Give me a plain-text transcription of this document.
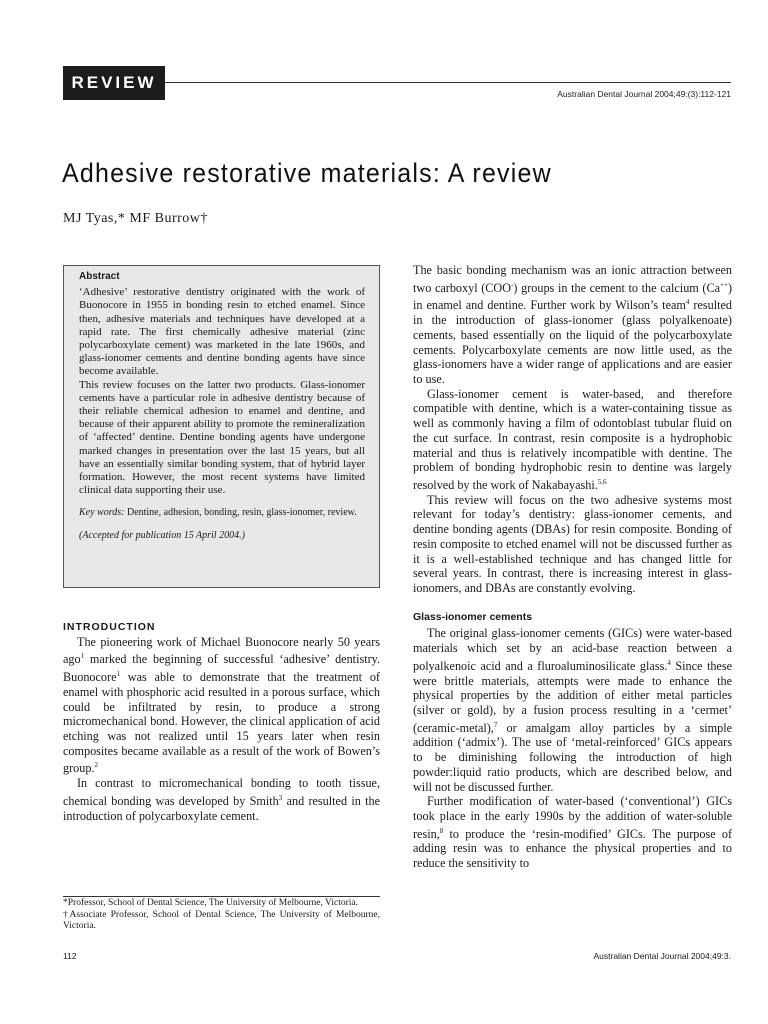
REVIEW
Australian Dental Journal 2004;49:(3):112-121
Adhesive restorative materials: A review
MJ Tyas,* MF Burrow†
Abstract

‘Adhesive’ restorative dentistry originated with the work of Buonocore in 1955 in bonding resin to etched enamel. Since then, adhesive materials and techniques have developed at a rapid rate. The first chemically adhesive material (zinc polycarboxylate cement) was marketed in the late 1960s, and glass-ionomer cements and dentine bonding agents have since become available.

This review focuses on the latter two products. Glass-ionomer cements have a particular role in adhesive dentistry because of their reliable chemical adhesion to enamel and dentine, and because of their apparent ability to promote the remineralization of ‘affected’ dentine. Dentine bonding agents have undergone marked changes in presentation over the last 15 years, but all have an essentially similar bonding system, that of hybrid layer formation. However, the most recent systems have limited clinical data supporting their use.

Key words: Dentine, adhesion, bonding, resin, glass-ionomer, review.

(Accepted for publication 15 April 2004.)

INTRODUCTION

The pioneering work of Michael Buonocore nearly 50 years ago$^1$ marked the beginning of successful ‘adhesive’ dentistry. Buonocore$^1$ was able to demonstrate that the treatment of enamel with phosphoric acid resulted in a porous surface, which could be infiltrated by resin, to produce a strong micromechanical bond. However, the clinical application of acid etching was not realized until 15 years later when resin composites became available as a result of the work of Bowen’s group.$^2$

In contrast to micromechanical bonding to tooth tissue, chemical bonding was developed by Smith$^3$ and resulted in the introduction of polycarboxylate cement.

The basic bonding mechanism was an ionic attraction between two carboxyl (COO-) groups in the cement to the calcium (Ca++) in enamel and dentine. Further work by Wilson’s team$^4$ resulted in the introduction of glass-ionomer (glass polyalkenoate) cements, based essentially on the liquid of the polycarboxylate cements. Polycarboxylate cements are now little used, as the glass-ionomers have a wider range of applications and are easier to use.

Glass-ionomer cement is water-based, and therefore compatible with dentine, which is a water-containing tissue as well as commonly having a film of odontoblast tubular fluid on the cut surface. In contrast, resin composite is a hydrophobic material and thus is relatively incompatible with dentine. The problem of bonding hydrophobic resin to dentine was largely resolved by the work of Nakabayashi.$^{5,6}$

This review will focus on the two adhesive systems most relevant for today’s dentistry: glass-ionomer cements, and dentine bonding agents (DBAs) for resin composite. Bonding of resin composite to etched enamel will not be discussed further as it is a well-established technique and has changed little for several years. In contrast, there is increasing interest in glass-ionomers, and DBAs are constantly evolving.

Glass-ionomer cements

The original glass-ionomer cements (GICs) were water-based materials which set by an acid-base reaction between a polyalkenoic acid and a fluroaluminosilicate glass.$^4$ Since these were brittle materials, attempts were made to enhance the physical properties by the addition of either metal particles (silver or gold), by a fusion process resulting in a ‘cermet’ (ceramic-metal),$^7$ or amalgam alloy particles by a simple addition (‘admix’). The use of ‘metal-reinforced’ GICs appears to be diminishing following the introduction of high powder:liquid ratio products, which are described below, and will not be discussed further.

Further modification of water-based (‘conventional’) GICs took place in the early 1990s by the addition of water-soluble resin,$^8$ to produce the ‘resin-modified’ GICs. The purpose of adding resin was to enhance the physical properties and to reduce the sensitivity to

*Professor, School of Dental Science, The University of Melbourne, Victoria.

†Associate Professor, School of Dental Science, The University of Melbourne, Victoria.

112	Australian Dental Journal 2004;49:3.
